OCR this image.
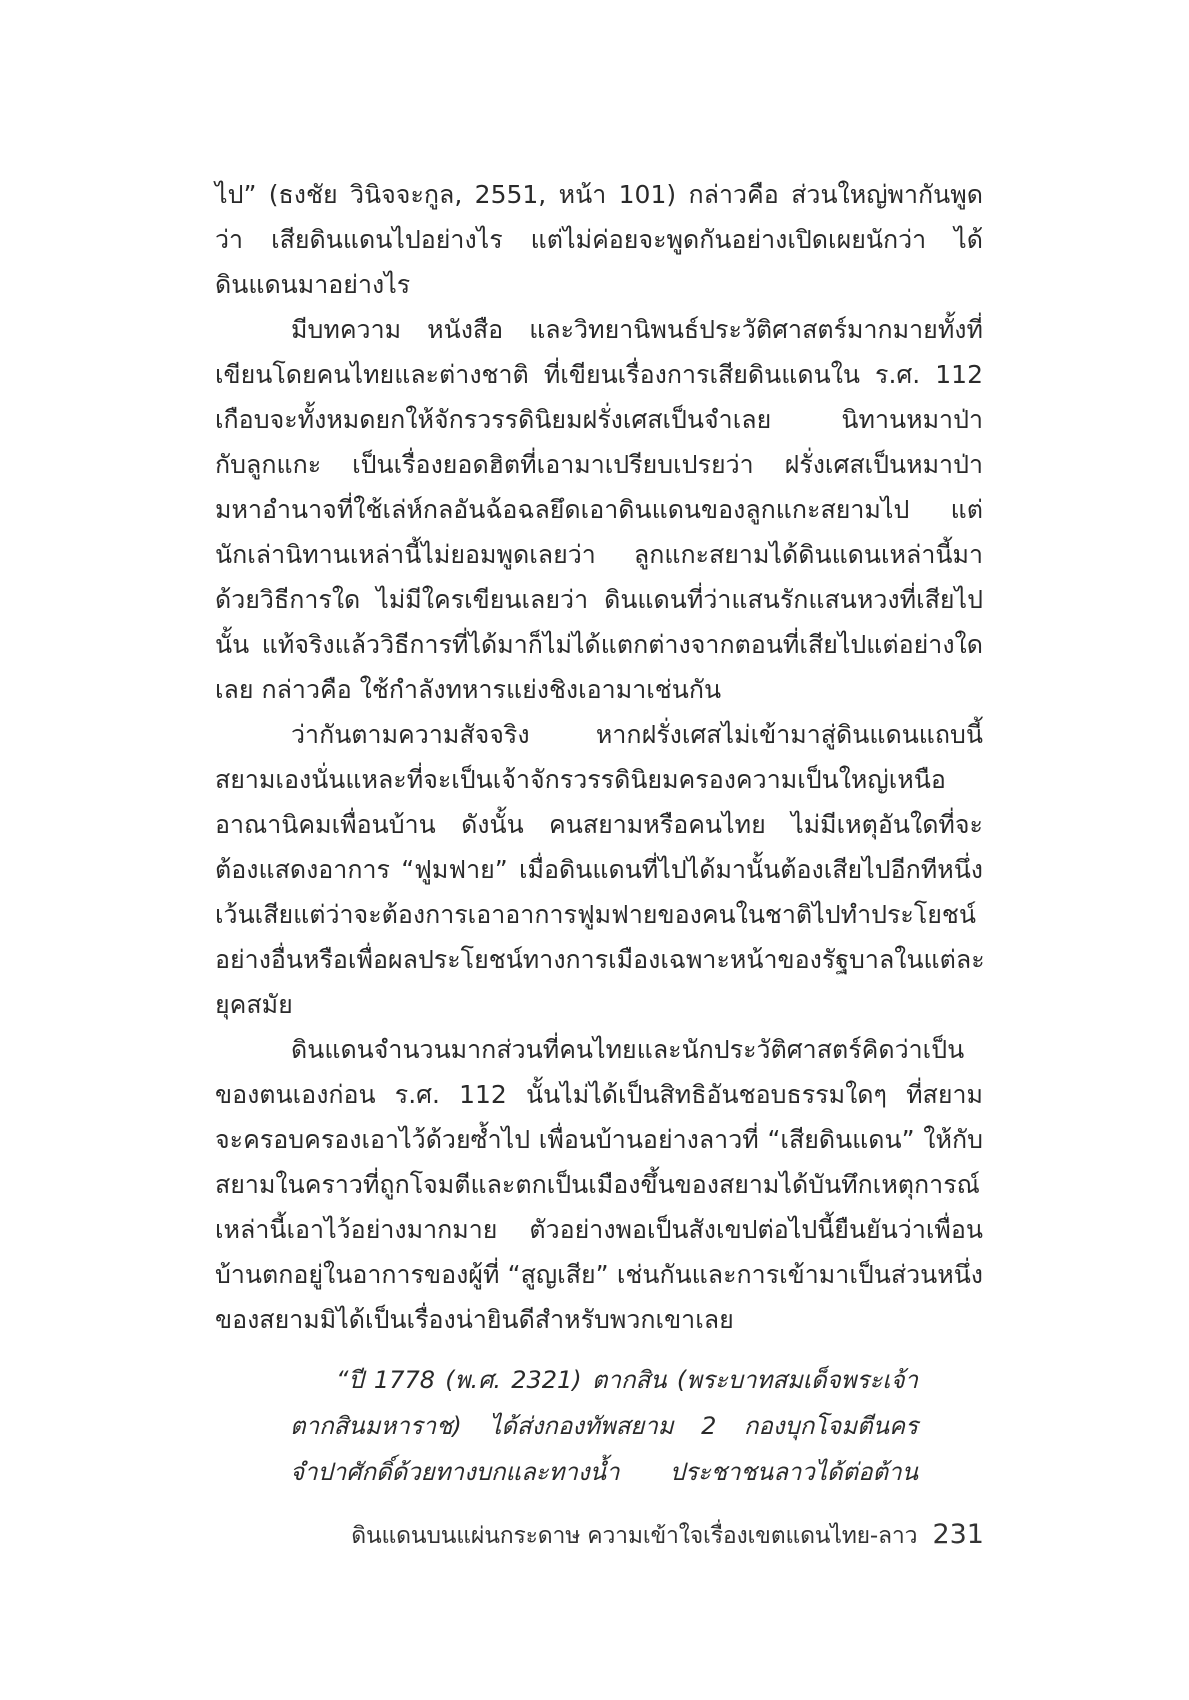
ไป” (ธงชัย วินิจจะกูล, 2551, หน้า 101) กล่าวคือ ส่วนใหญ่พากันพูด
ว่า เสียดินแดนไปอย่างไร แต่ไม่ค่อยจะพูดกันอย่างเปิดเผยนักว่า ได้
ดินแดนมาอย่างไร
มีบทความ หนังสือ และวิทยานิพนธ์ประวัติศาสตร์มากมายทั้งที่
เขียนโดยคนไทยและต่างชาติ ที่เขียนเรื่องการเสียดินแดนใน ร.ศ. 112
เกือบจะทั้งหมดยกให้จักรวรรดินิยมฝรั่งเศสเป็นจำเลย นิทานหมาป่า
กับลูกแกะ เป็นเรื่องยอดฮิตที่เอามาเปรียบเปรยว่า ฝรั่งเศสเป็นหมาป่า
มหาอำนาจที่ใช้เล่ห์กลอันฉ้อฉลยึดเอาดินแดนของลูกแกะสยามไป แต่
นักเล่านิทานเหล่านี้ไม่ยอมพูดเลยว่า ลูกแกะสยามได้ดินแดนเหล่านี้มา
ด้วยวิธีการใด ไม่มีใครเขียนเลยว่า ดินแดนที่ว่าแสนรักแสนหวงที่เสียไป
นั้น แท้จริงแล้ววิธีการที่ได้มาก็ไม่ได้แตกต่างจากตอนที่เสียไปแต่อย่างใด
เลย กล่าวคือ ใช้กำลังทหารแย่งชิงเอามาเช่นกัน
ว่ากันตามความสัจจริง หากฝรั่งเศสไม่เข้ามาสู่ดินแดนแถบนี้
สยามเองนั่นแหละที่จะเป็นเจ้าจักรวรรดินิยมครองความเป็นใหญ่เหนือ
อาณานิคมเพื่อนบ้าน ดังนั้น คนสยามหรือคนไทย ไม่มีเหตุอันใดที่จะ
ต้องแสดงอาการ “ฟูมฟาย” เมื่อดินแดนที่ไปได้มานั้นต้องเสียไปอีกทีหนึ่ง
เว้นเสียแต่ว่าจะต้องการเอาอาการฟูมฟายของคนในชาติไปทำประโยชน์
อย่างอื่นหรือเพื่อผลประโยชน์ทางการเมืองเฉพาะหน้าของรัฐบาลในแต่ละ
ยุคสมัย
ดินแดนจำนวนมากส่วนที่คนไทยและนักประวัติศาสตร์คิดว่าเป็น
ของตนเองก่อน ร.ศ. 112 นั้นไม่ได้เป็นสิทธิอันชอบธรรมใดๆ ที่สยาม
จะครอบครองเอาไว้ด้วยซ้ำไป เพื่อนบ้านอย่างลาวที่ “เสียดินแดน” ให้กับ
สยามในคราวที่ถูกโจมตีและตกเป็นเมืองขึ้นของสยามได้บันทึกเหตุการณ์
เหล่านี้เอาไว้อย่างมากมาย ตัวอย่างพอเป็นสังเขปต่อไปนี้ยืนยันว่าเพื่อน
บ้านตกอยู่ในอาการของผู้ที่ “สูญเสีย” เช่นกันและการเข้ามาเป็นส่วนหนึ่ง
ของสยามมิได้เป็นเรื่องน่ายินดีสำหรับพวกเขาเลย
“ปี 1778 (พ.ศ. 2321) ตากสิน (พระบาทสมเด็จพระเจ้า
ตากสินมหาราช) ได้ส่งกองทัพสยาม 2 กองบุกโจมตีนคร
จำปาศักดิ์ด้วยทางบกและทางน้ำ ประชาชนลาวได้ต่อต้าน
ดินแดนบนแผ่นกระดาษ ความเข้าใจเรื่องเขตแดนไทย-ลาว 231
